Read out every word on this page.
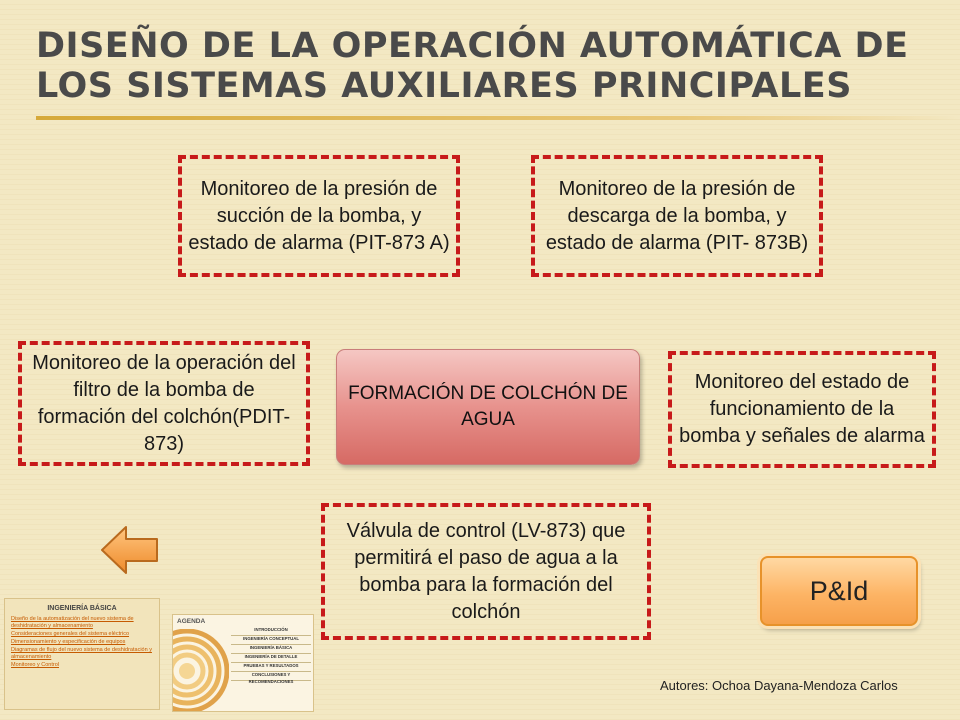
DISEÑO DE LA OPERACIÓN AUTOMÁTICA DE LOS SISTEMAS AUXILIARES PRINCIPALES
Monitoreo de la presión de succión de la bomba, y estado de alarma (PIT-873 A)
Monitoreo de la presión de descarga de la bomba, y estado de alarma (PIT- 873B)
Monitoreo de la operación del filtro de la bomba de formación del colchón(PDIT-873)
Monitoreo del estado de funcionamiento de la bomba y señales de alarma
Válvula de control (LV-873) que permitirá el paso de agua a la bomba para la formación del colchón
FORMACIÓN DE COLCHÓN DE AGUA
P&Id
INGENIERÍA BÁSICA
Diseño de la automatización del nuevo sistema de deshidratación y almacenamiento
Consideraciones generales del sistema eléctrico
Dimensionamiento y especificación de equipos
Diagramas de flujo del nuevo sistema de deshidratación y almacenamiento
Monitoreo y Control
AGENDA
INTRODUCCIÓN
INGENIERÍA CONCEPTUAL
INGENIERÍA BÁSICA
INGENIERÍA DE DETALLE
PRUEBAS Y RESULTADOS
CONCLUSIONES Y RECOMENDACIONES	Autores: Ochoa Dayana-Mendoza Carlos
